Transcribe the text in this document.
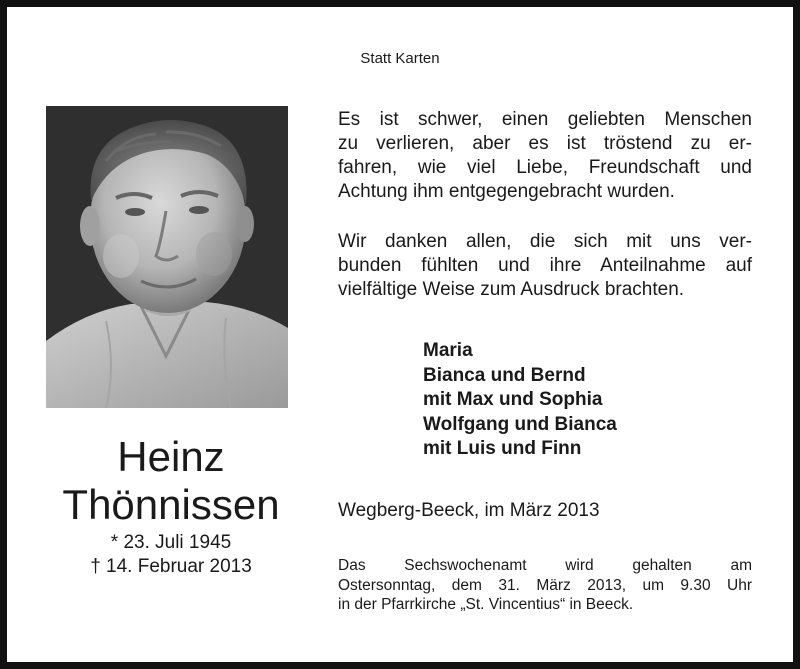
Statt Karten
Heinz
Thönnissen
* 23. Juli 1945
† 14. Februar 2013
Es ist schwer, einen geliebten Menschen
zu verlieren, aber es ist tröstend zu er-
fahren, wie viel Liebe, Freundschaft und
Achtung ihm entgegengebracht wurden.
Wir danken allen, die sich mit uns ver-
bunden fühlten und ihre Anteilnahme auf
vielfältige Weise zum Ausdruck brachten.
Maria
Bianca und Bernd
mit Max und Sophia
Wolfgang und Bianca
mit Luis und Finn
Wegberg-Beeck, im März 2013
Das Sechswochenamt wird gehalten am
Ostersonntag, dem 31. März 2013, um 9.30 Uhr
in der Pfarrkirche „St. Vincentius“ in Beeck.
